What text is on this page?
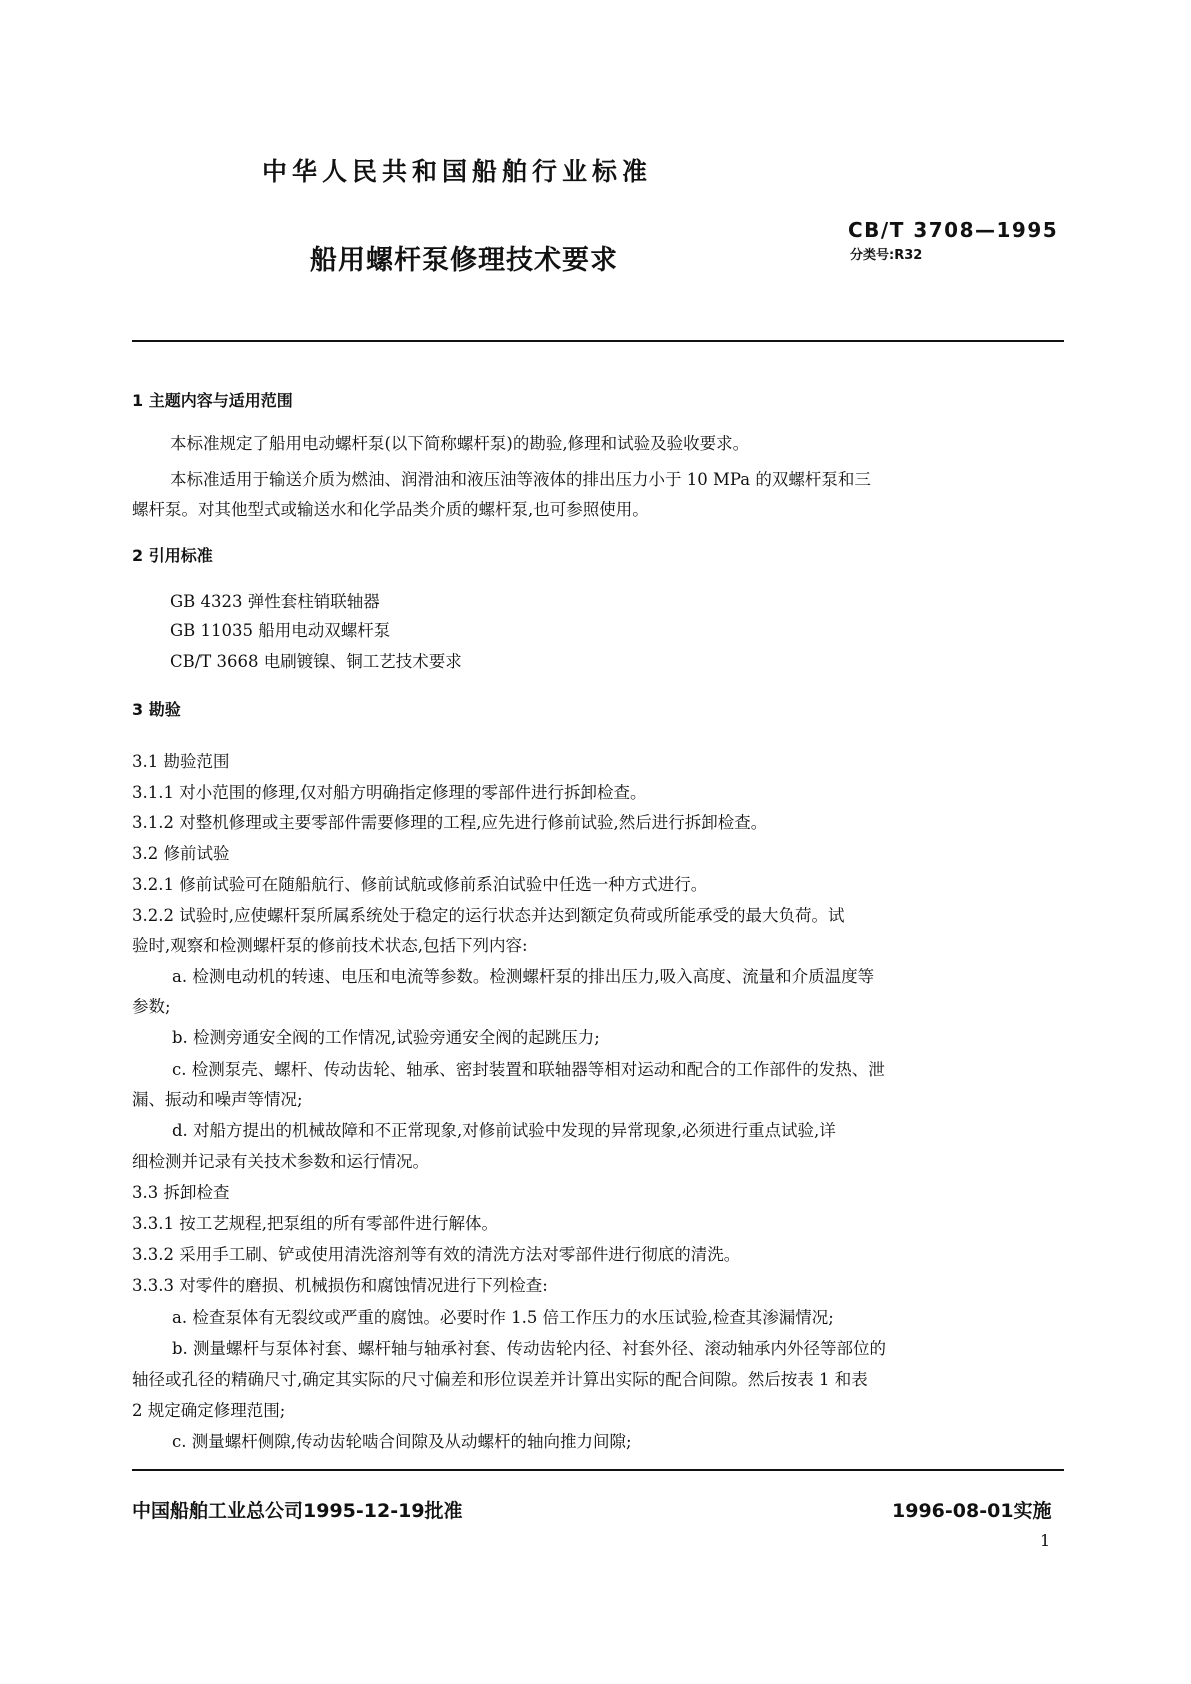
中华人民共和国船舶行业标准
CB/T 3708—1995
分类号:R32
船用螺杆泵修理技术要求
1 主题内容与适用范围
本标准规定了船用电动螺杆泵(以下简称螺杆泵)的勘验,修理和试验及验收要求。
本标准适用于输送介质为燃油、润滑油和液压油等液体的排出压力小于 10 MPa 的双螺杆泵和三
螺杆泵。对其他型式或输送水和化学品类介质的螺杆泵,也可参照使用。
2 引用标准
GB 4323 弹性套柱销联轴器
GB 11035 船用电动双螺杆泵
CB/T 3668 电刷镀镍、铜工艺技术要求
3 勘验
3.1 勘验范围
3.1.1 对小范围的修理,仅对船方明确指定修理的零部件进行拆卸检查。
3.1.2 对整机修理或主要零部件需要修理的工程,应先进行修前试验,然后进行拆卸检查。
3.2 修前试验
3.2.1 修前试验可在随船航行、修前试航或修前系泊试验中任选一种方式进行。
3.2.2 试验时,应使螺杆泵所属系统处于稳定的运行状态并达到额定负荷或所能承受的最大负荷。试
验时,观察和检测螺杆泵的修前技术状态,包括下列内容:
a. 检测电动机的转速、电压和电流等参数。检测螺杆泵的排出压力,吸入高度、流量和介质温度等
参数;
b. 检测旁通安全阀的工作情况,试验旁通安全阀的起跳压力;
c. 检测泵壳、螺杆、传动齿轮、轴承、密封装置和联轴器等相对运动和配合的工作部件的发热、泄
漏、振动和噪声等情况;
d. 对船方提出的机械故障和不正常现象,对修前试验中发现的异常现象,必须进行重点试验,详
细检测并记录有关技术参数和运行情况。
3.3 拆卸检查
3.3.1 按工艺规程,把泵组的所有零部件进行解体。
3.3.2 采用手工刷、铲或使用清洗溶剂等有效的清洗方法对零部件进行彻底的清洗。
3.3.3 对零件的磨损、机械损伤和腐蚀情况进行下列检查:
a. 检查泵体有无裂纹或严重的腐蚀。必要时作 1.5 倍工作压力的水压试验,检查其渗漏情况;
b. 测量螺杆与泵体衬套、螺杆轴与轴承衬套、传动齿轮内径、衬套外径、滚动轴承内外径等部位的
轴径或孔径的精确尺寸,确定其实际的尺寸偏差和形位误差并计算出实际的配合间隙。然后按表 1 和表
2 规定确定修理范围;
c. 测量螺杆侧隙,传动齿轮啮合间隙及从动螺杆的轴向推力间隙;
中国船舶工业总公司1995-12-19批准	1996-08-01实施
1
